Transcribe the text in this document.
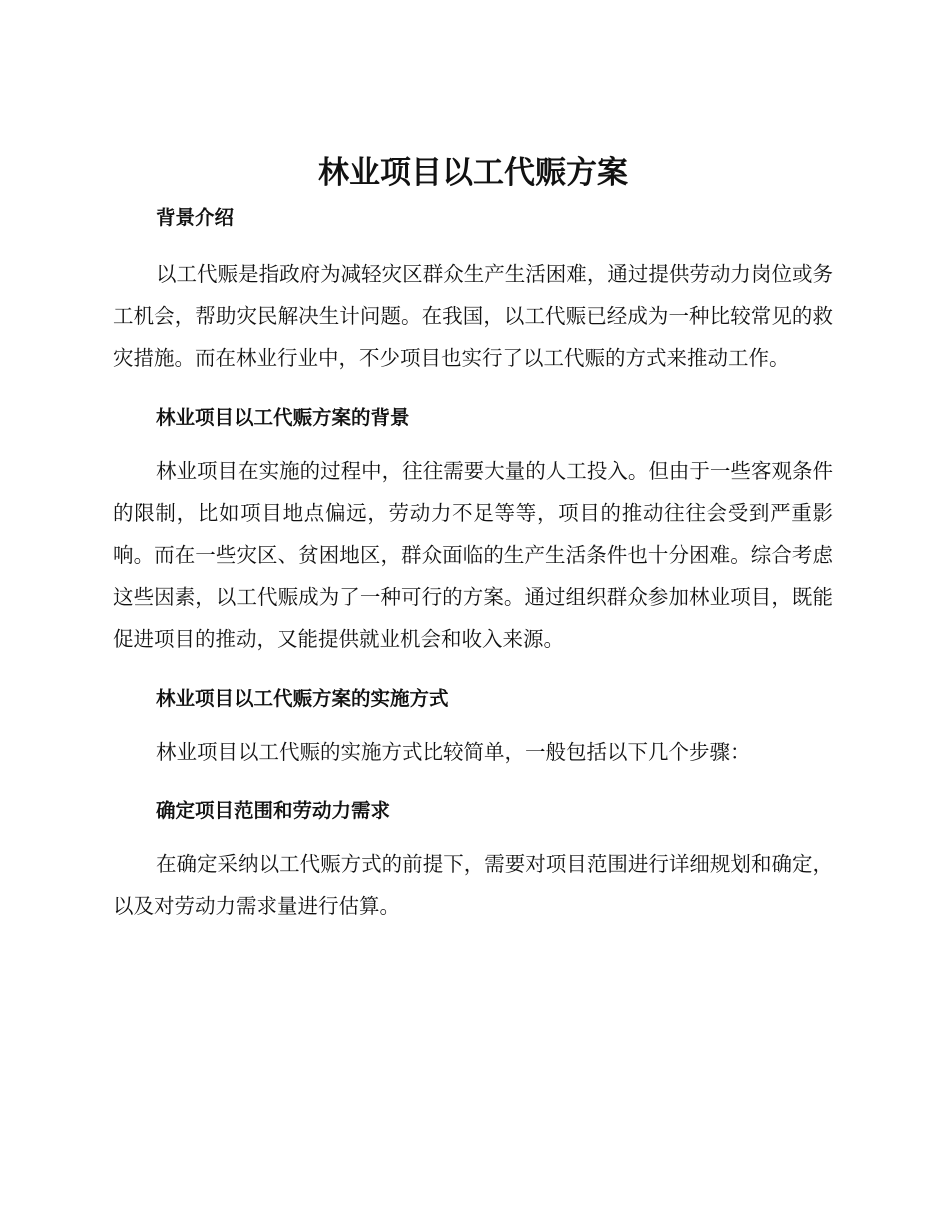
林业项目以工代赈方案
背景介绍

以工代赈是指政府为减轻灾区群众生产生活困难，通过提供劳动力岗位或务工机会，帮助灾民解决生计问题。在我国，以工代赈已经成为一种比较常见的救灾措施。而在林业行业中，不少项目也实行了以工代赈的方式来推动工作。

林业项目以工代赈方案的背景

林业项目在实施的过程中，往往需要大量的人工投入。但由于一些客观条件的限制，比如项目地点偏远，劳动力不足等等，项目的推动往往会受到严重影响。而在一些灾区、贫困地区，群众面临的生产生活条件也十分困难。综合考虑这些因素，以工代赈成为了一种可行的方案。通过组织群众参加林业项目，既能促进项目的推动，又能提供就业机会和收入来源。

林业项目以工代赈方案的实施方式

林业项目以工代赈的实施方式比较简单，一般包括以下几个步骤：

确定项目范围和劳动力需求

在确定采纳以工代赈方式的前提下，需要对项目范围进行详细规划和确定，以及对劳动力需求量进行估算。
